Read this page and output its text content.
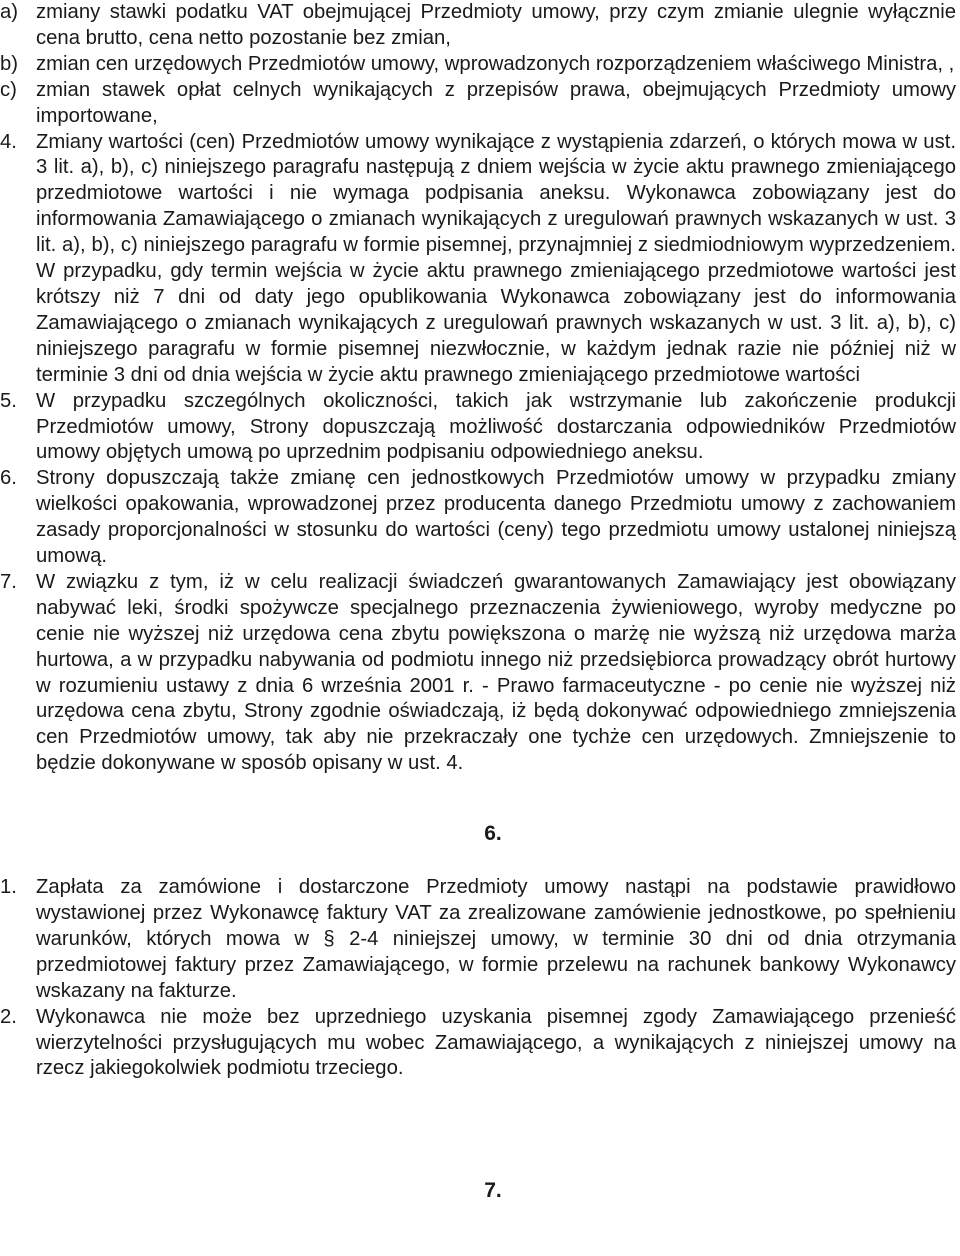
a) zmiany stawki podatku VAT obejmującej Przedmioty umowy, przy czym zmianie ulegnie wyłącznie cena brutto, cena netto pozostanie bez zmian,
b) zmian cen urzędowych Przedmiotów umowy, wprowadzonych rozporządzeniem właściwego Ministra, ,
c) zmian stawek opłat celnych wynikających z przepisów prawa, obejmujących Przedmioty umowy importowane,
4. Zmiany wartości (cen) Przedmiotów umowy wynikające z wystąpienia zdarzeń, o których mowa w ust. 3 lit. a), b), c) niniejszego paragrafu następują z dniem wejścia w życie aktu prawnego zmieniającego przedmiotowe wartości i nie wymaga podpisania aneksu. Wykonawca zobowiązany jest do informowania Zamawiającego o zmianach wynikających z uregulowań prawnych wskazanych w ust. 3 lit. a), b), c) niniejszego paragrafu w formie pisemnej, przynajmniej z siedmiodniowym wyprzedzeniem. W przypadku, gdy termin wejścia w życie aktu prawnego zmieniającego przedmiotowe wartości jest krótszy niż 7 dni od daty jego opublikowania Wykonawca zobowiązany jest do informowania Zamawiającego o zmianach wynikających z uregulowań prawnych wskazanych w ust. 3 lit. a), b), c) niniejszego paragrafu w formie pisemnej niezwłocznie, w każdym jednak razie nie później niż w terminie 3 dni od dnia wejścia w życie aktu prawnego zmieniającego przedmiotowe wartości
5. W przypadku szczególnych okoliczności, takich jak wstrzymanie lub zakończenie produkcji Przedmiotów umowy, Strony dopuszczają możliwość dostarczania odpowiedników Przedmiotów umowy objętych umową po uprzednim podpisaniu odpowiedniego aneksu.
6. Strony dopuszczają także zmianę cen jednostkowych Przedmiotów umowy w przypadku zmiany wielkości opakowania, wprowadzonej przez producenta danego Przedmiotu umowy z zachowaniem zasady proporcjonalności w stosunku do wartości (ceny) tego przedmiotu umowy ustalonej niniejszą umową.
7. W związku z tym, iż w celu realizacji świadczeń gwarantowanych Zamawiający jest obowiązany nabywać leki, środki spożywcze specjalnego przeznaczenia żywieniowego, wyroby medyczne po cenie nie wyższej niż urzędowa cena zbytu powiększona o marżę nie wyższą niż urzędowa marża hurtowa, a w przypadku nabywania od podmiotu innego niż przedsiębiorca prowadzący obrót hurtowy w rozumieniu ustawy z dnia 6 września 2001 r. - Prawo farmaceutyczne - po cenie nie wyższej niż urzędowa cena zbytu, Strony zgodnie oświadczają, iż będą dokonywać odpowiedniego zmniejszenia cen Przedmiotów umowy, tak aby nie przekraczały one tychże cen urzędowych. Zmniejszenie to będzie dokonywane w sposób opisany w ust. 4.
6.
1. Zapłata za zamówione i dostarczone Przedmioty umowy nastąpi na podstawie prawidłowo wystawionej przez Wykonawcę faktury VAT za zrealizowane zamówienie jednostkowe, po spełnieniu warunków, których mowa w § 2-4 niniejszej umowy, w terminie 30 dni od dnia otrzymania przedmiotowej faktury przez Zamawiającego, w formie przelewu na rachunek bankowy Wykonawcy wskazany na fakturze.
2. Wykonawca nie może bez uprzedniego uzyskania pisemnej zgody Zamawiającego przenieść wierzytelności przysługujących mu wobec Zamawiającego, a wynikających z niniejszej umowy na rzecz jakiegokolwiek podmiotu trzeciego.
7.
